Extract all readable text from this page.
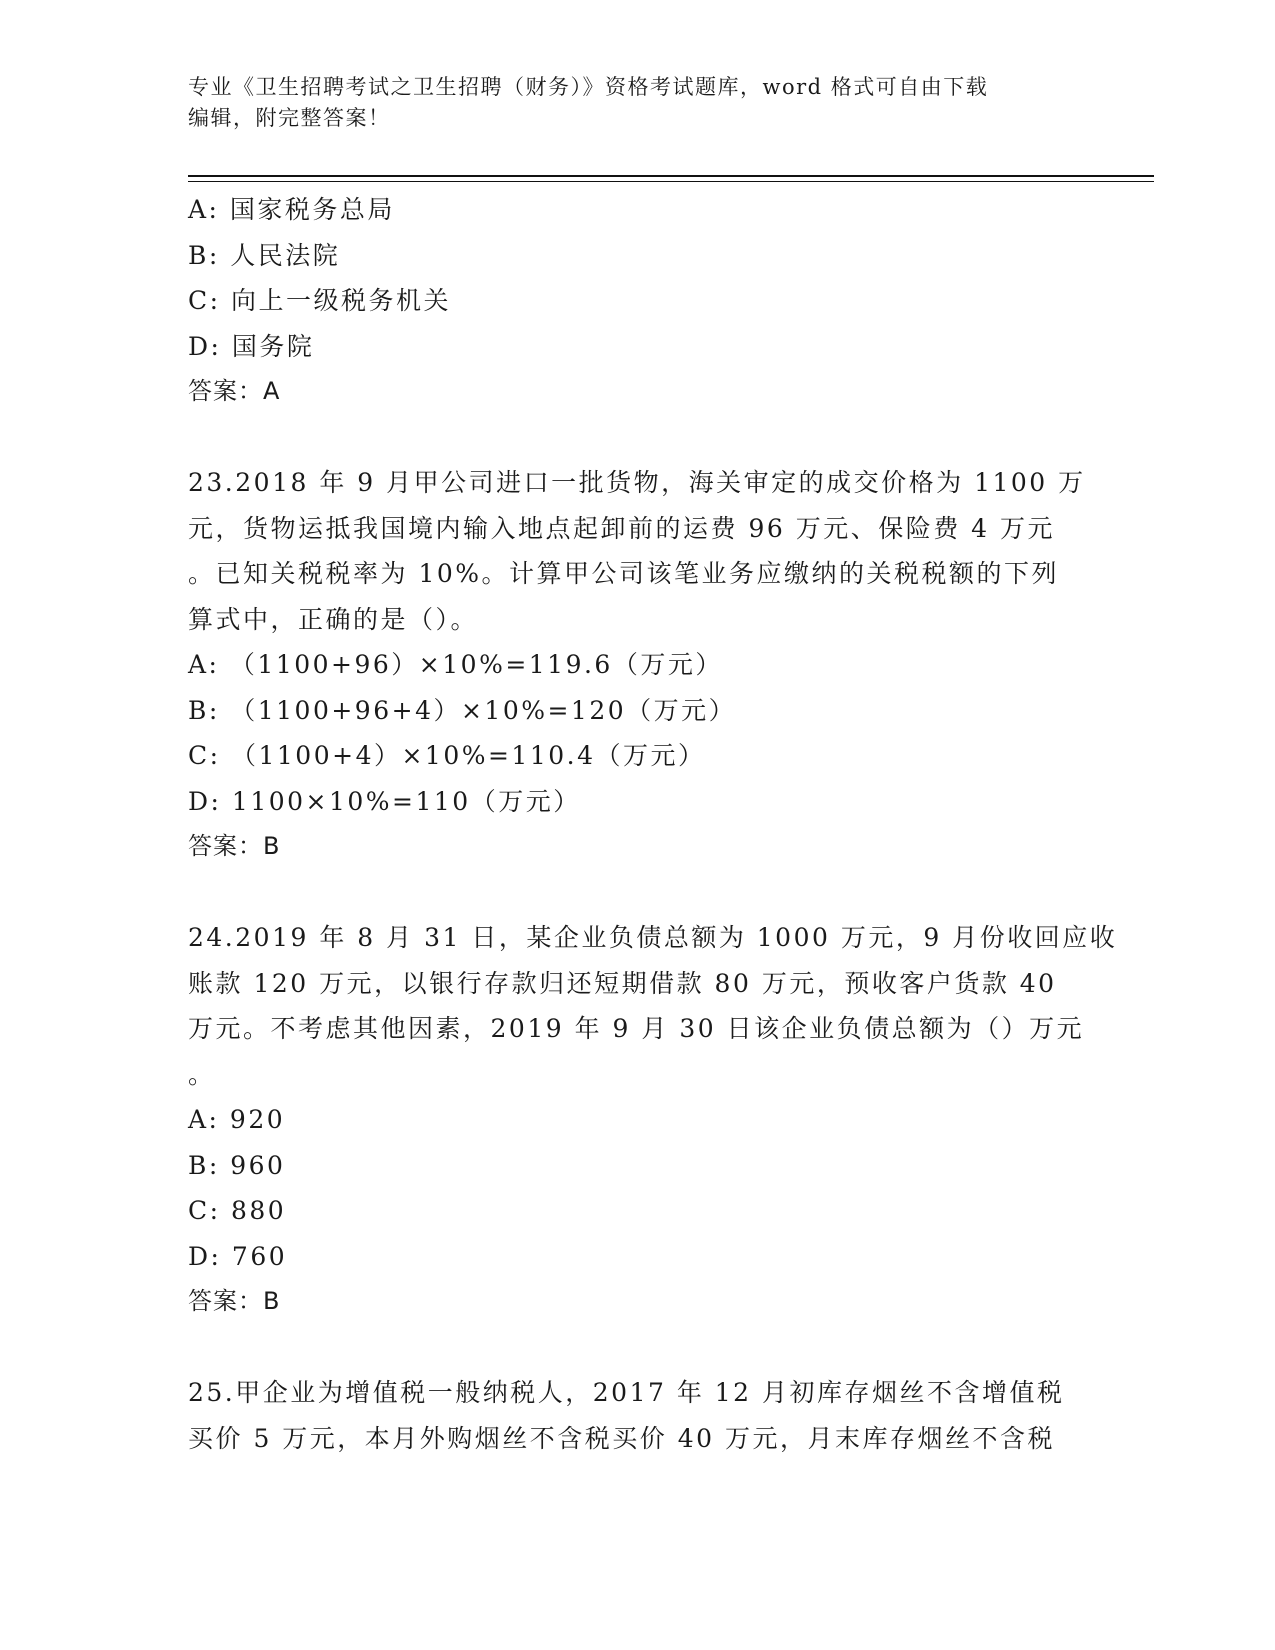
专业《卫生招聘考试之卫生招聘（财务）》资格考试题库，word 格式可自由下载
编辑，附完整答案！
A: 国家税务总局
B: 人民法院
C: 向上一级税务机关
D: 国务院
答案：A
23.2018 年 9 月甲公司进口一批货物，海关审定的成交价格为 1100 万
元，货物运抵我国境内输入地点起卸前的运费 96 万元、保险费 4 万元
。已知关税税率为 10%。计算甲公司该笔业务应缴纳的关税税额的下列
算式中，正确的是（）。
A: （1100+96）×10%=119.6（万元）
B: （1100+96+4）×10%=120（万元）
C: （1100+4）×10%=110.4（万元）
D: 1100×10%=110（万元）
答案：B
24.2019 年 8 月 31 日，某企业负债总额为 1000 万元，9 月份收回应收
账款 120 万元，以银行存款归还短期借款 80 万元，预收客户货款 40
万元。不考虑其他因素，2019 年 9 月 30 日该企业负债总额为（）万元
。
A: 920
B: 960
C: 880
D: 760
答案：B
25.甲企业为增值税一般纳税人，2017 年 12 月初库存烟丝不含增值税
买价 5 万元，本月外购烟丝不含税买价 40 万元，月末库存烟丝不含税
